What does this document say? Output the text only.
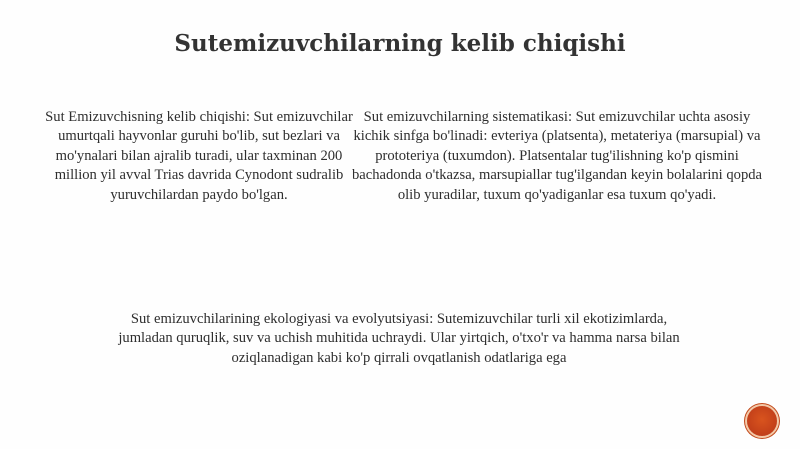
Sutemizuvchilarning kelib chiqishi

Sut Emizuvchisning kelib chiqishi: Sut emizuvchilar umurtqali hayvonlar guruhi bo'lib, sut bezlari va mo'ynalari bilan ajralib turadi, ular taxminan 200 million yil avval Trias davrida Cynodont sudralib yuruvchilardan paydo bo'lgan.

Sut emizuvchilarning sistematikasi: Sut emizuvchilar uchta asosiy kichik sinfga bo'linadi: evteriya (platsenta), metateriya (marsupial) va prototeriya (tuxumdon). Platsentalar tug'ilishning ko'p qismini bachadonda o'tkazsa, marsupiallar tug'ilgandan keyin bolalarini qopda olib yuradilar, tuxum qo'yadiganlar esa tuxum qo'yadi.

Sut emizuvchilarining ekologiyasi va evolyutsiyasi: Sutemizuvchilar turli xil ekotizimlarda, jumladan quruqlik, suv va uchish muhitida uchraydi. Ular yirtqich, o'txo'r va hamma narsa bilan oziqlanadigan kabi ko'p qirrali ovqatlanish odatlariga ega
